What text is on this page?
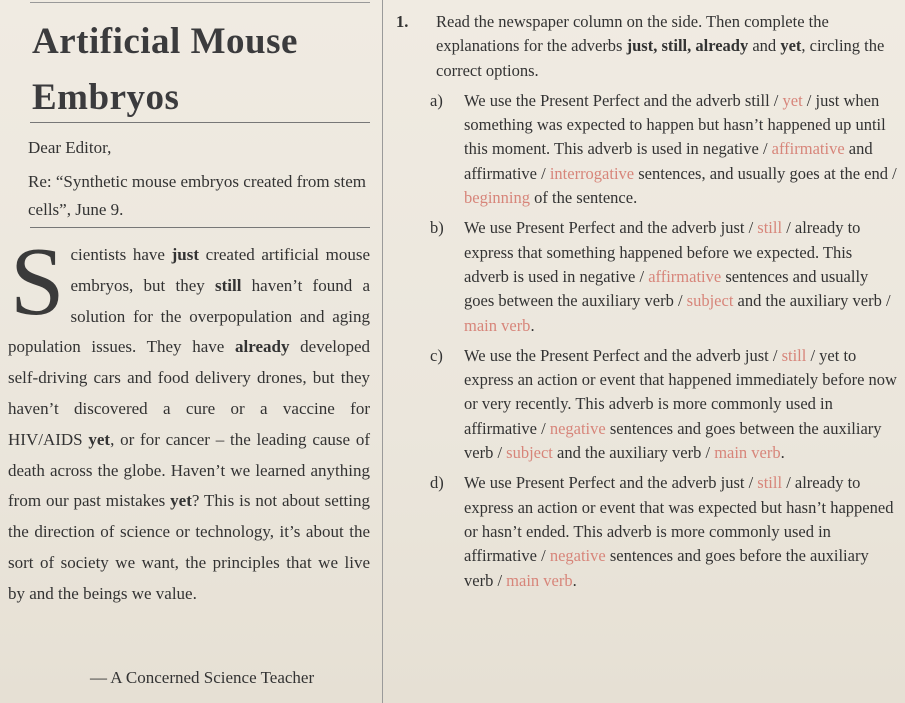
Artificial Mouse
Embryos
Dear Editor,
Re: “Synthetic mouse embryos created from stem cells”, June 9.
S cientists have just created artificial mouse embryos, but they still haven’t found a solution for the overpopulation and aging population issues. They have already developed self-driving cars and food delivery drones, but they haven’t discovered a cure or a vaccine for HIV/AIDS yet, or for cancer – the leading cause of death across the globe. Haven’t we learned anything from our past mistakes yet? This is not about setting the direction of science or technology, it’s about the sort of society we want, the principles that we live by and the beings we value.

— A Concerned Science Teacher
1. Read the newspaper column on the side. Then complete the explanations for the adverbs just, still, already and yet, circling the correct options.
a) We use the Present Perfect and the adverb still / yet / just when something was expected to happen but hasn’t happened up until this moment. This adverb is used in negative / affirmative and affirmative / interrogative sentences, and usually goes at the end / beginning of the sentence.
b) We use Present Perfect and the adverb just / still / already to express that something happened before we expected. This adverb is used in negative / affirmative sentences and usually goes between the auxiliary verb / subject and the auxiliary verb / main verb.
c) We use the Present Perfect and the adverb just / still / yet to express an action or event that happened immediately before now or very recently. This adverb is more commonly used in affirmative / negative sentences and goes between the auxiliary verb / subject and the auxiliary verb / main verb.
d) We use Present Perfect and the adverb just / still / already to express an action or event that was expected but hasn’t happened or hasn’t ended. This adverb is more commonly used in affirmative / negative sentences and goes before the auxiliary verb / main verb.
